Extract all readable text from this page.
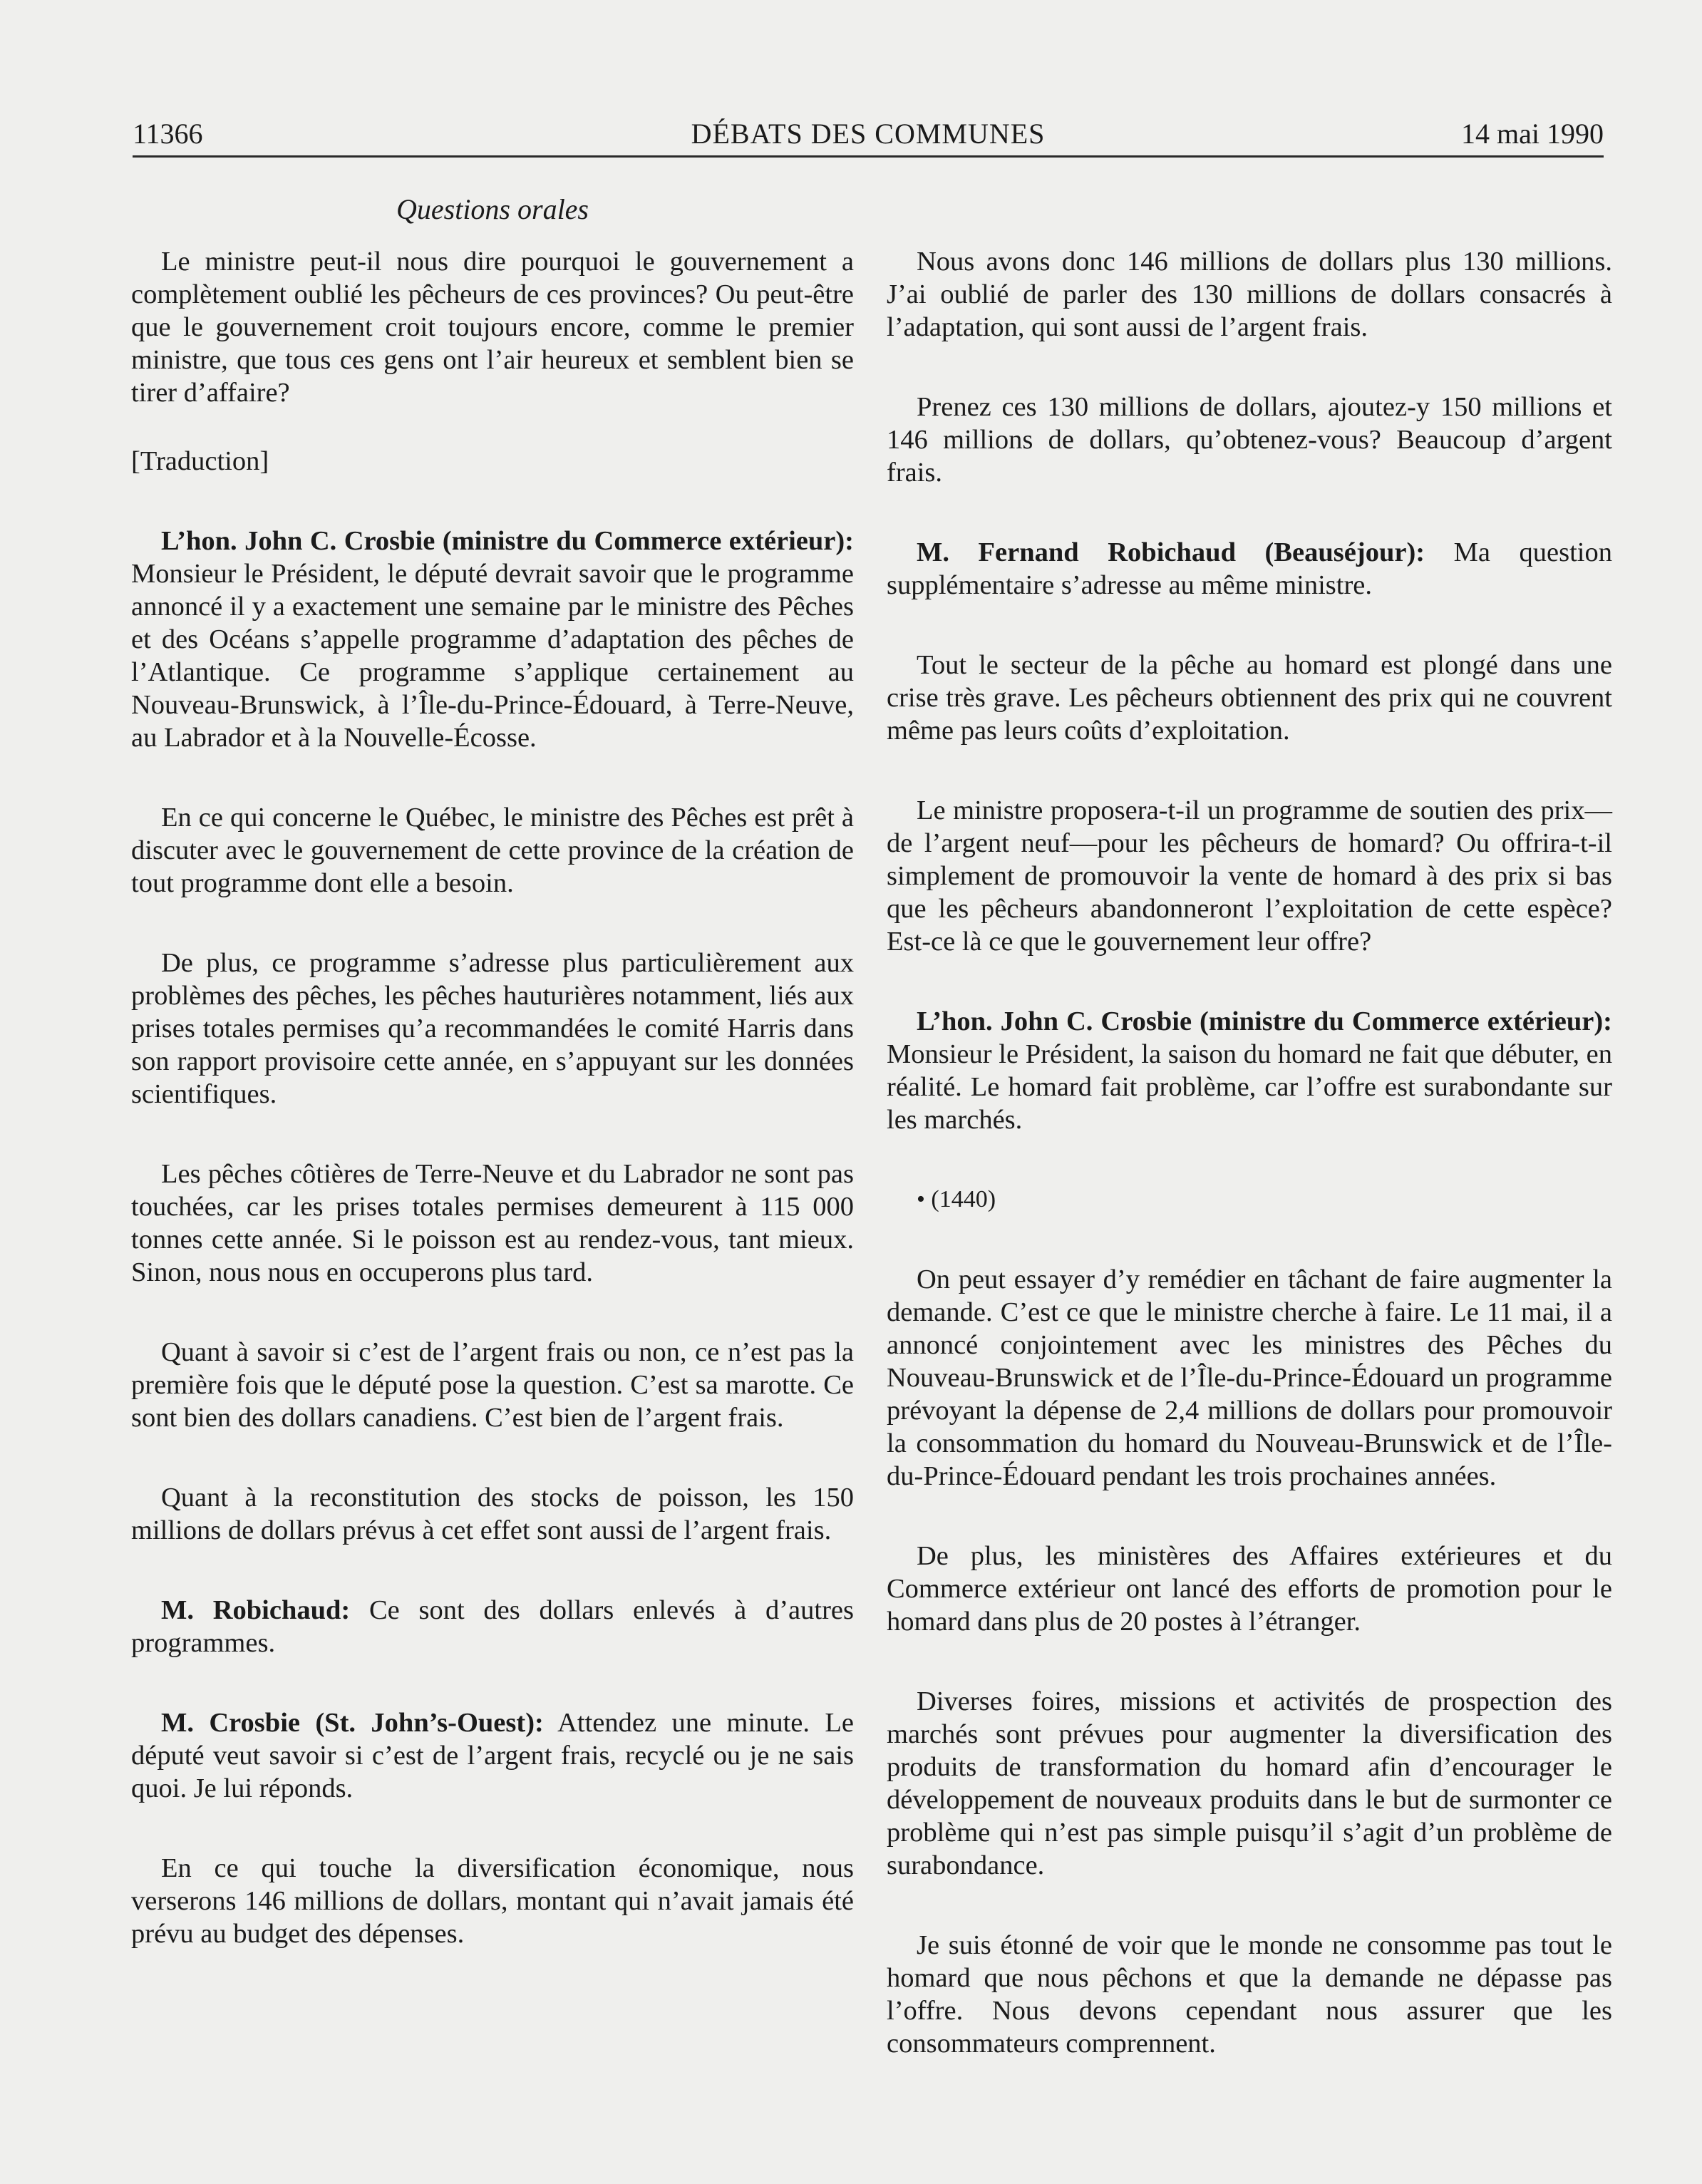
11366	DÉBATS DES COMMUNES	14 mai 1990
Questions orales

Le ministre peut-il nous dire pourquoi le gouvernement a complètement oublié les pêcheurs de ces provinces? Ou peut-être que le gouvernement croit toujours encore, comme le premier ministre, que tous ces gens ont l’air heureux et semblent bien se tirer d’affaire?

[Traduction]

L’hon. John C. Crosbie (ministre du Commerce extérieur): Monsieur le Président, le député devrait savoir que le programme annoncé il y a exactement une semaine par le ministre des Pêches et des Océans s’appelle programme d’adaptation des pêches de l’Atlantique. Ce programme s’applique certainement au Nouveau-Brunswick, à l’Île-du-Prince-Édouard, à Terre-Neuve, au Labrador et à la Nouvelle-Écosse.

En ce qui concerne le Québec, le ministre des Pêches est prêt à discuter avec le gouvernement de cette province de la création de tout programme dont elle a besoin.

De plus, ce programme s’adresse plus particulièrement aux problèmes des pêches, les pêches hauturières notamment, liés aux prises totales permises qu’a recommandées le comité Harris dans son rapport provisoire cette année, en s’appuyant sur les données scientifiques.

Les pêches côtières de Terre-Neuve et du Labrador ne sont pas touchées, car les prises totales permises demeurent à 115 000 tonnes cette année. Si le poisson est au rendez-vous, tant mieux. Sinon, nous nous en occuperons plus tard.

Quant à savoir si c’est de l’argent frais ou non, ce n’est pas la première fois que le député pose la question. C’est sa marotte. Ce sont bien des dollars canadiens. C’est bien de l’argent frais.

Quant à la reconstitution des stocks de poisson, les 150 millions de dollars prévus à cet effet sont aussi de l’argent frais.

M. Robichaud: Ce sont des dollars enlevés à d’autres programmes.

M. Crosbie (St. John’s-Ouest): Attendez une minute. Le député veut savoir si c’est de l’argent frais, recyclé ou je ne sais quoi. Je lui réponds.

En ce qui touche la diversification économique, nous verserons 146 millions de dollars, montant qui n’avait jamais été prévu au budget des dépenses.

Nous avons donc 146 millions de dollars plus 130 millions. J’ai oublié de parler des 130 millions de dollars consacrés à l’adaptation, qui sont aussi de l’argent frais.

Prenez ces 130 millions de dollars, ajoutez-y 150 millions et 146 millions de dollars, qu’obtenez-vous? Beaucoup d’argent frais.

M. Fernand Robichaud (Beauséjour): Ma question supplémentaire s’adresse au même ministre.

Tout le secteur de la pêche au homard est plongé dans une crise très grave. Les pêcheurs obtiennent des prix qui ne couvrent même pas leurs coûts d’exploitation.

Le ministre proposera-t-il un programme de soutien des prix—de l’argent neuf—pour les pêcheurs de homard? Ou offrira-t-il simplement de promouvoir la vente de homard à des prix si bas que les pêcheurs abandonneront l’exploitation de cette espèce? Est-ce là ce que le gouvernement leur offre?

L’hon. John C. Crosbie (ministre du Commerce extérieur): Monsieur le Président, la saison du homard ne fait que débuter, en réalité. Le homard fait problème, car l’offre est surabondante sur les marchés.

• (1440)

On peut essayer d’y remédier en tâchant de faire augmenter la demande. C’est ce que le ministre cherche à faire. Le 11 mai, il a annoncé conjointement avec les ministres des Pêches du Nouveau-Brunswick et de l’Île-du-Prince-Édouard un programme prévoyant la dépense de 2,4 millions de dollars pour promouvoir la consommation du homard du Nouveau-Brunswick et de l’Île-du-Prince-Édouard pendant les trois prochaines années.

De plus, les ministères des Affaires extérieures et du Commerce extérieur ont lancé des efforts de promotion pour le homard dans plus de 20 postes à l’étranger.

Diverses foires, missions et activités de prospection des marchés sont prévues pour augmenter la diversification des produits de transformation du homard afin d’encourager le développement de nouveaux produits dans le but de surmonter ce problème qui n’est pas simple puisqu’il s’agit d’un problème de surabondance.

Je suis étonné de voir que le monde ne consomme pas tout le homard que nous pêchons et que la demande ne dépasse pas l’offre. Nous devons cependant nous assurer que les consommateurs comprennent.
